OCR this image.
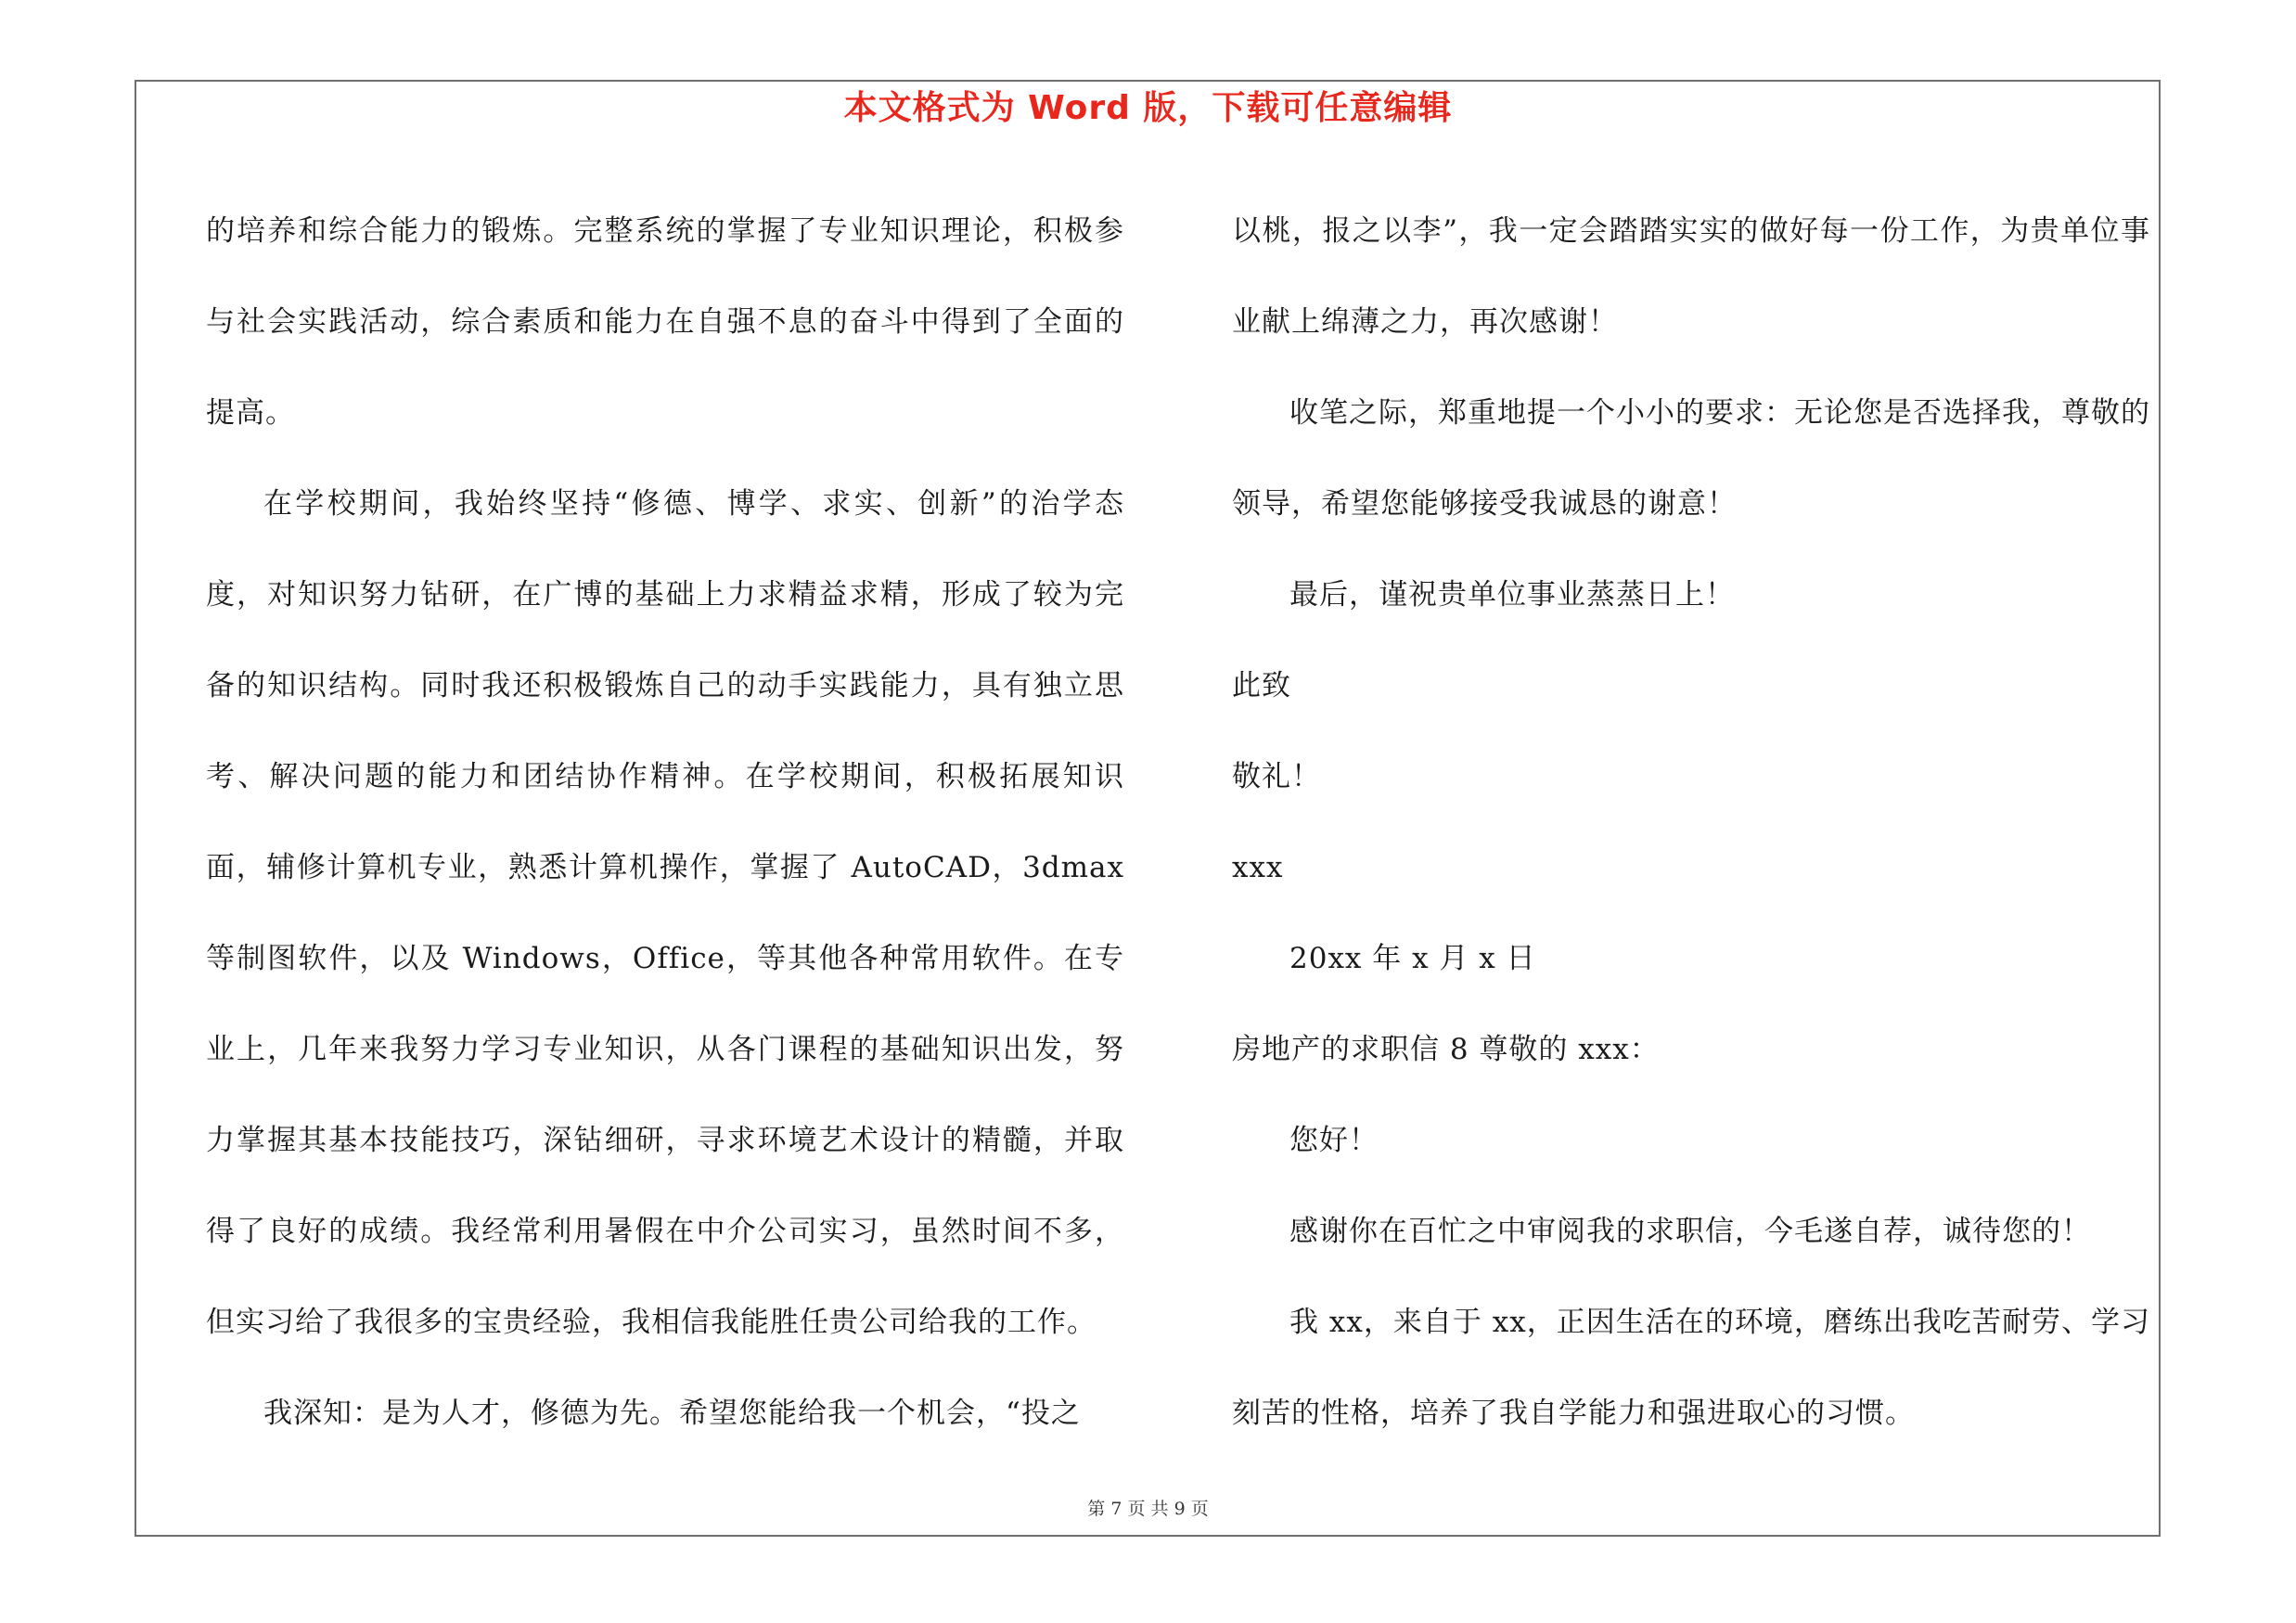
本文格式为 Word 版，下载可任意编辑

的培养和综合能力的锻炼。完整系统的掌握了专业知识理论，积极参与社会实践活动，综合素质和能力在自强不息的奋斗中得到了全面的提高。

在学校期间，我始终坚持“修德、博学、求实、创新”的治学态度，对知识努力钻研，在广博的基础上力求精益求精，形成了较为完备的知识结构。同时我还积极锻炼自己的动手实践能力，具有独立思考、解决问题的能力和团结协作精神。在学校期间，积极拓展知识面，辅修计算机专业，熟悉计算机操作，掌握了 AutoCAD，3dmax 等制图软件，以及 Windows，Office，等其他各种常用软件。在专业上，几年来我努力学习专业知识，从各门课程的基础知识出发，努力掌握其基本技能技巧，深钻细研，寻求环境艺术设计的精髓，并取得了良好的成绩。我经常利用暑假在中介公司实习，虽然时间不多，但实习给了我很多的宝贵经验，我相信我能胜任贵公司给我的工作。

我深知：是为人才，修德为先。希望您能给我一个机会，“投之

以桃，报之以李”，我一定会踏踏实实的做好每一份工作，为贵单位事业献上绵薄之力，再次感谢！

收笔之际，郑重地提一个小小的要求：无论您是否选择我，尊敬的领导，希望您能够接受我诚恳的谢意！

最后，谨祝贵单位事业蒸蒸日上！

此致

敬礼！

xxx

20xx 年 x 月 x 日

房地产的求职信 8 尊敬的 xxx：

您好！

感谢你在百忙之中审阅我的求职信，今毛遂自荐，诚待您的！

我 xx，来自于 xx，正因生活在的环境，磨练出我吃苦耐劳、学习刻苦的性格，培养了我自学能力和强进取心的习惯。

第 7 页 共 9 页
